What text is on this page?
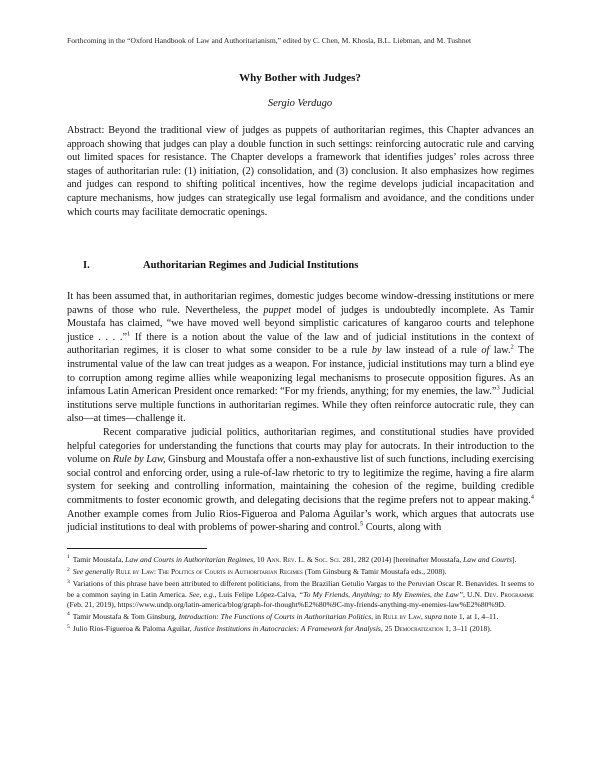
Forthcoming in the “Oxford Handbook of Law and Authoritarianism,” edited by C. Chen, M. Khosla, B.L. Liebman, and M. Tushnet
Why Bother with Judges?
Sergio Verdugo
Abstract: Beyond the traditional view of judges as puppets of authoritarian regimes, this Chapter advances an approach showing that judges can play a double function in such settings: reinforcing autocratic rule and carving out limited spaces for resistance. The Chapter develops a framework that identifies judges’ roles across three stages of authoritarian rule: (1) initiation, (2) consolidation, and (3) conclusion. It also emphasizes how regimes and judges can respond to shifting political incentives, how the regime develops judicial incapacitation and capture mechanisms, how judges can strategically use legal formalism and avoidance, and the conditions under which courts may facilitate democratic openings.
I.	Authoritarian Regimes and Judicial Institutions

It has been assumed that, in authoritarian regimes, domestic judges become window-dressing institutions or mere pawns of those who rule. Nevertheless, the puppet model of judges is undoubtedly incomplete. As Tamir Moustafa has claimed, “we have moved well beyond simplistic caricatures of kangaroo courts and telephone justice . . . .”$^1$ If there is a notion about the value of the law and of judicial institutions in the context of authoritarian regimes, it is closer to what some consider to be a rule by law instead of a rule of law.$^2$ The instrumental value of the law can treat judges as a weapon. For instance, judicial institutions may turn a blind eye to corruption among regime allies while weaponizing legal mechanisms to prosecute opposition figures. As an infamous Latin American President once remarked: “For my friends, anything; for my enemies, the law.”$^3$ Judicial institutions serve multiple functions in authoritarian regimes. While they often reinforce autocratic rule, they can also—at times—challenge it.

Recent comparative judicial politics, authoritarian regimes, and constitutional studies have provided helpful categories for understanding the functions that courts may play for autocrats. In their introduction to the volume on Rule by Law, Ginsburg and Moustafa offer a non-exhaustive list of such functions, including exercising social control and enforcing order, using a rule-of-law rhetoric to try to legitimize the regime, having a fire alarm system for seeking and controlling information, maintaining the cohesion of the regime, building credible commitments to foster economic growth, and delegating decisions that the regime prefers not to appear making.$^4$ Another example comes from Julio Rios-Figueroa and Paloma Aguilar’s work, which argues that autocrats use judicial institutions to deal with problems of power-sharing and control.$^5$ Courts, along with

$^1$ Tamir Moustafa, Law and Courts in Authoritarian Regimes, 10 Ann. Rev. L. & Soc. Sci. 281, 282 (2014) [hereinafter Moustafa, Law and Courts].

$^2$ See generally Rule by Law: The Politics of Courts in Authoritarian Regimes (Tom Ginsburg & Tamir Moustafa eds., 2008).

$^3$ Variations of this phrase have been attributed to different politicians, from the Brazilian Getulio Vargas to the Peruvian Oscar R. Benavides. It seems to be a common saying in Latin America. See, e.g., Luis Felipe López-Calva, “To My Friends, Anything; to My Enemies, the Law”, U.N. Dev. Programme (Feb. 21, 2019), https://www.undp.org/latin-america/blog/graph-for-thought%E2%80%9C-my-friends-anything-my-enemies-law%E2%80%9D.

$^4$ Tamir Moustafa & Tom Ginsburg, Introduction: The Functions of Courts in Authoritarian Politics, in Rule by Law, supra note 1, at 1, 4–11.

$^5$ Julio Rios-Figueroa & Paloma Aguilar, Justice Institutions in Autocracies: A Framework for Analysis, 25 Democratization 1, 3–11 (2018).
